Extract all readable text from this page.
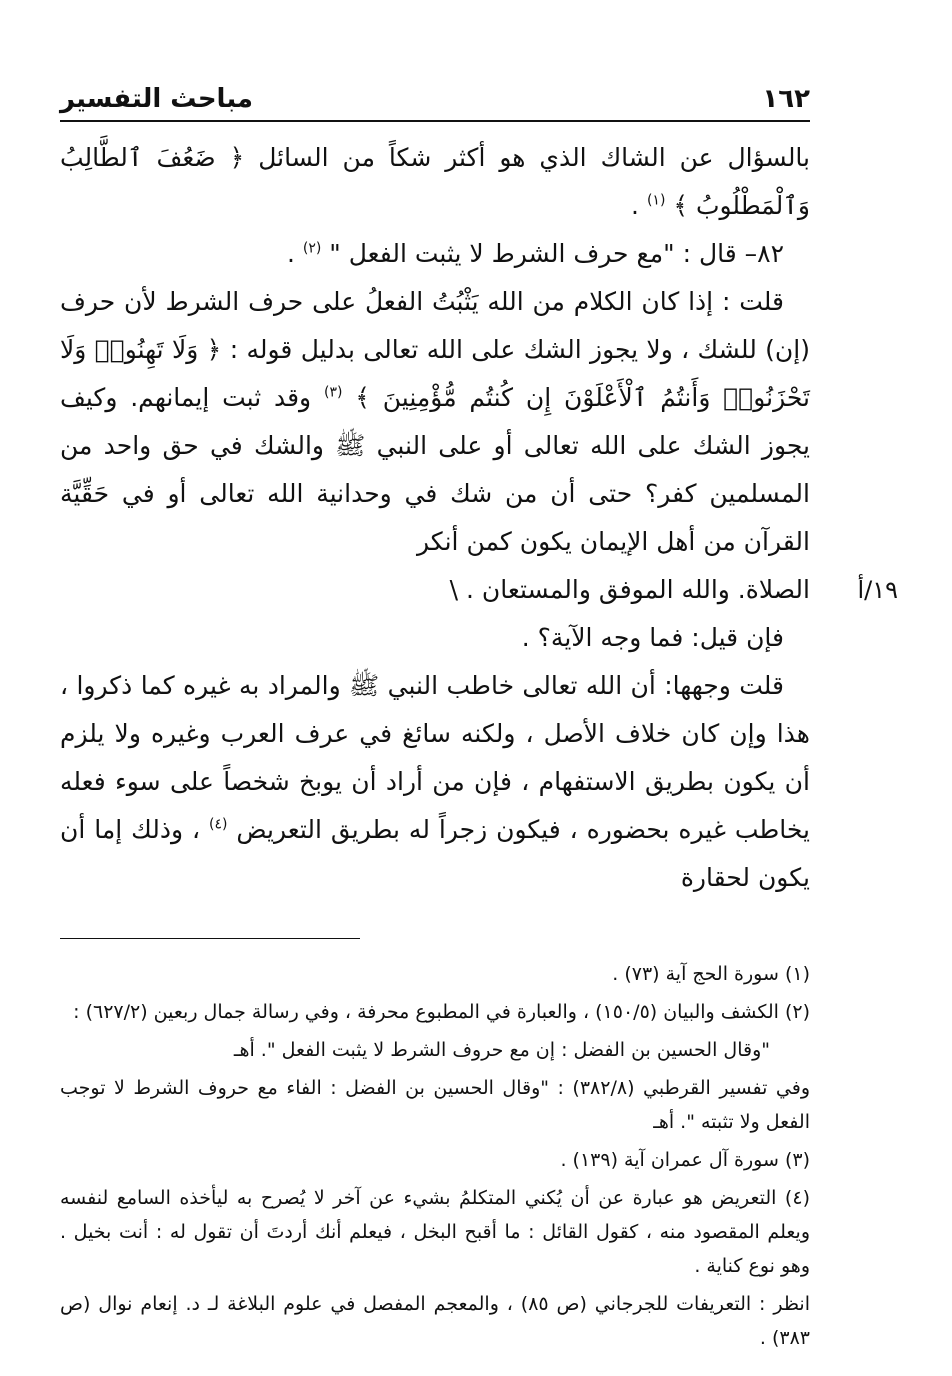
١٦٢
مباحث التفسير

بالسؤال عن الشاك الذي هو أكثر شكاً من السائل ﴿ ضَعُفَ ٱلطَّالِبُ وَٱلْمَطْلُوبُ ﴾ $^{(١)}$ .

٨٢– قال : "مع حرف الشرط لا يثبت الفعل " $^{(٢)}$ .

قلت : إذا كان الكلام من الله يَثْبُتُ الفعلُ على حرف الشرط لأن حرف (إن) للشك ، ولا يجوز الشك على الله تعالى بدليل قوله : ﴿ وَلَا تَهِنُوا۟ وَلَا تَحْزَنُوا۟ وَأَنتُمُ ٱلْأَعْلَوْنَ إِن كُنتُم مُّؤْمِنِينَ ﴾ $^{(٣)}$ وقد ثبت إيمانهم. وكيف يجوز الشك على الله تعالى أو على النبي ﷺ والشك في حق واحد من المسلمين كفر؟ حتى أن من شك في وحدانية الله تعالى أو في حَقِّيَّة القرآن من أهل الإيمان يكون كمن أنكر

١٩/أ
الصلاة. والله الموفق والمستعان . \

فإن قيل: فما وجه الآية؟ .

قلت وجهها: أن الله تعالى خاطب النبي ﷺ والمراد به غيره كما ذكروا ، هذا وإن كان خلاف الأصل ، ولكنه سائغ في عرف العرب وغيره ولا يلزم أن يكون بطريق الاستفهام ، فإن من أراد أن يوبخ شخصاً على سوء فعله يخاطب غيره بحضوره ، فيكون زجراً له بطريق التعريض $^{(٤)}$ ، وذلك إما أن يكون لحقارة

(١) سورة الحج آية (٧٣) .

(٢) الكشف والبيان (١٥٠/٥) ، والعبارة في المطبوع محرفة ، وفي رسالة جمال ربعين (٦٢٧/٢) :

"وقال الحسين بن الفضل : إن مع حروف الشرط لا يثبت الفعل ". أهـ

وفي تفسير القرطبي (٣٨٢/٨) : "وقال الحسين بن الفضل : الفاء مع حروف الشرط لا توجب الفعل ولا تثبته ". أهـ

(٣) سورة آل عمران آية (١٣٩) .

(٤) التعريض هو عبارة عن أن يُكني المتكلمُ بشيء عن آخر لا يُصرح به ليأخذه السامع لنفسه ويعلم المقصود منه ، كقول القائل : ما أقبح البخل ، فيعلم أنك أردتَ أن تقول له : أنت بخيل . وهو نوع كناية .

انظر : التعريفات للجرجاني (ص ٨٥) ، والمعجم المفصل في علوم البلاغة لـ د. إنعام نوال (ص ٣٨٣) .
